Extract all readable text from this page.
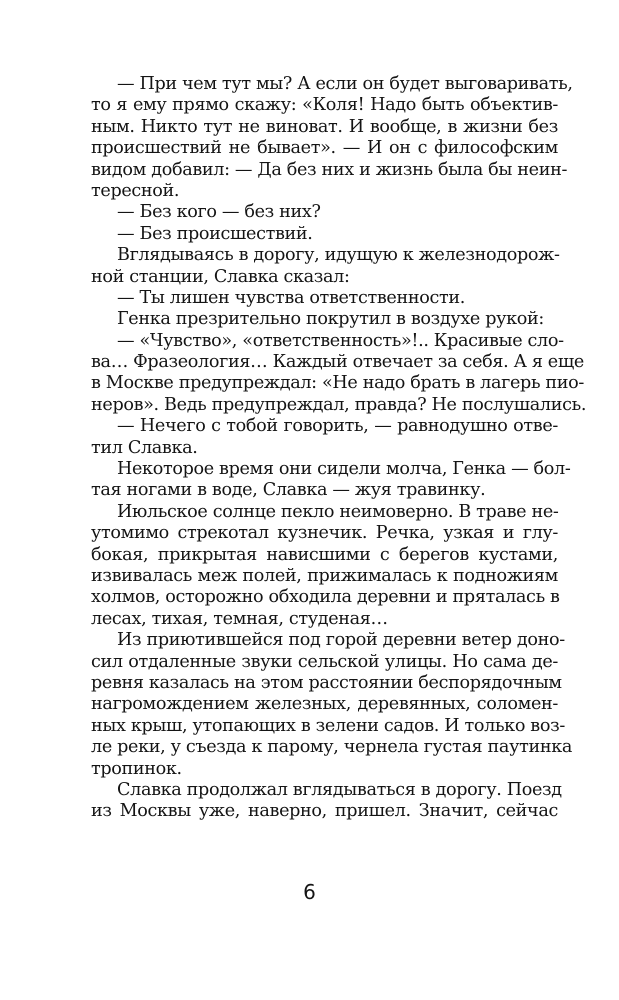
— При чем тут мы? А если он будет выговаривать,
то я ему прямо скажу: «Коля! Надо быть объектив-
ным. Никто тут не виноват. И вообще, в жизни без
происшествий не бывает». — И он с философским
видом добавил: — Да без них и жизнь была бы неин-
тересной.
— Без кого — без них?
— Без происшествий.
Вглядываясь в дорогу, идущую к железнодорож-
ной станции, Славка сказал:
— Ты лишен чувства ответственности.
Генка презрительно покрутил в воздухе рукой:
— «Чувство», «ответственность»!.. Красивые сло-
ва… Фразеология… Каждый отвечает за себя. А я еще
в Москве предупреждал: «Не надо брать в лагерь пио-
неров». Ведь предупреждал, правда? Не послушались.
— Нечего с тобой говорить, — равнодушно отве-
тил Славка.
Некоторое время они сидели молча, Генка — бол-
тая ногами в воде, Славка — жуя травинку.
Июльское солнце пекло неимоверно. В траве не-
утомимо стрекотал кузнечик. Речка, узкая и глу-
бокая, прикрытая нависшими с берегов кустами,
извивалась меж полей, прижималась к подножиям
холмов, осторожно обходила деревни и пряталась в
лесах, тихая, темная, студеная…
Из приютившейся под горой деревни ветер доно-
сил отдаленные звуки сельской улицы. Но сама де-
ревня казалась на этом расстоянии беспорядочным
нагромождением железных, деревянных, соломен-
ных крыш, утопающих в зелени садов. И только воз-
ле реки, у съезда к парому, чернела густая паутинка
тропинок.
Славка продолжал вглядываться в дорогу. Поезд
из Москвы уже, наверно, пришел. Значит, сейчас
6
